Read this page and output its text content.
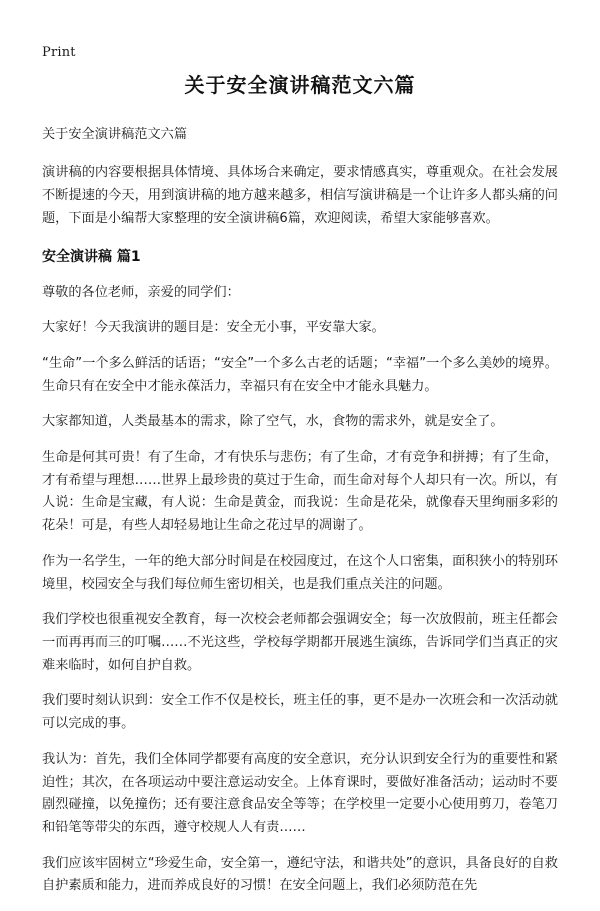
Print
关于安全演讲稿范文六篇

关于安全演讲稿范文六篇

演讲稿的内容要根据具体情境、具体场合来确定，要求情感真实，尊重观众。在社会发展不断提速的今天，用到演讲稿的地方越来越多，相信写演讲稿是一个让许多人都头痛的问题，下面是小编帮大家整理的安全演讲稿6篇，欢迎阅读，希望大家能够喜欢。

安全演讲稿 篇1

尊敬的各位老师，亲爱的同学们：

大家好！今天我演讲的题目是：安全无小事，平安靠大家。

“生命”一个多么鲜活的话语；“安全”一个多么古老的话题；“幸福”一个多么美妙的境界。生命只有在安全中才能永葆活力，幸福只有在安全中才能永具魅力。

大家都知道，人类最基本的需求，除了空气，水，食物的需求外，就是安全了。

生命是何其可贵！有了生命，才有快乐与悲伤；有了生命，才有竞争和拼搏；有了生命，才有希望与理想……世界上最珍贵的莫过于生命，而生命对每个人却只有一次。所以，有人说：生命是宝藏，有人说：生命是黄金，而我说：生命是花朵，就像春天里绚丽多彩的花朵！可是，有些人却轻易地让生命之花过早的凋谢了。

作为一名学生，一年的绝大部分时间是在校园度过，在这个人口密集，面积狭小的特别环境里，校园安全与我们每位师生密切相关，也是我们重点关注的问题。

我们学校也很重视安全教育，每一次校会老师都会强调安全；每一次放假前，班主任都会一而再再而三的叮嘱……不光这些，学校每学期都开展逃生演练，告诉同学们当真正的灾难来临时，如何自护自救。

我们要时刻认识到：安全工作不仅是校长，班主任的事，更不是办一次班会和一次活动就可以完成的事。

我认为：首先，我们全体同学都要有高度的安全意识，充分认识到安全行为的重要性和紧迫性；其次，在各项运动中要注意运动安全。上体育课时，要做好准备活动；运动时不要剧烈碰撞，以免撞伤；还有要注意食品安全等等；在学校里一定要小心使用剪刀，卷笔刀和铅笔等带尖的东西，遵守校规人人有责……

我们应该牢固树立“珍爱生命，安全第一，遵纪守法，和谐共处”的意识，具备良好的自救自护素质和能力，进而养成良好的习惯！在安全问题上，我们必须防范在先
